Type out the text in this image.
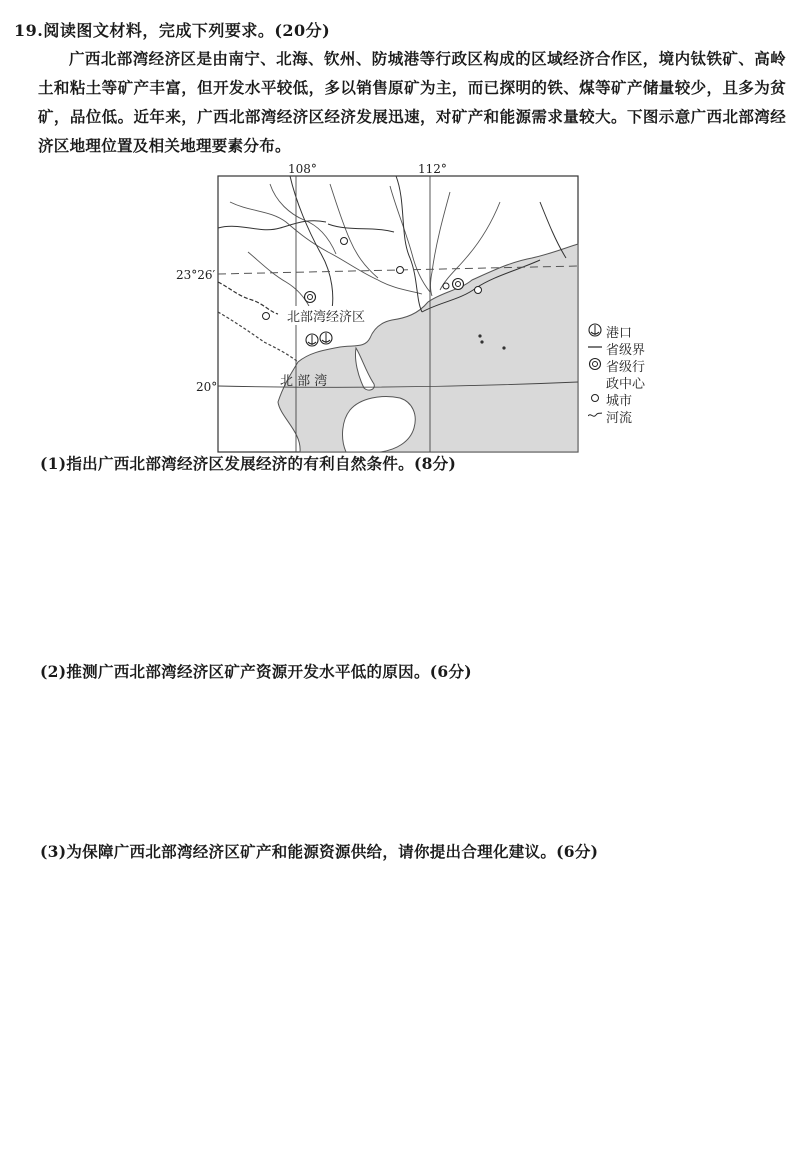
19.阅读图文材料，完成下列要求。(20分)

广西北部湾经济区是由南宁、北海、钦州、防城港等行政区构成的区域经济合作区，境内钛铁矿、高岭土和粘土等矿产丰富，但开发水平较低，多以销售原矿为主，而已探明的铁、煤等矿产储量较少，且多为贫矿，品位低。近年来，广西北部湾经济区经济发展迅速，对矿产和能源需求量较大。下图示意广西北部湾经济区地理位置及相关地理要素分布。

108°	112°
23°26′
20°
北部湾经济区
北 部 湾
港口
省级界
省级行
政中心
城市
河流
(1)指出广西北部湾经济区发展经济的有利自然条件。(8分)
(2)推测广西北部湾经济区矿产资源开发水平低的原因。(6分)
(3)为保障广西北部湾经济区矿产和能源资源供给，请你提出合理化建议。(6分)
